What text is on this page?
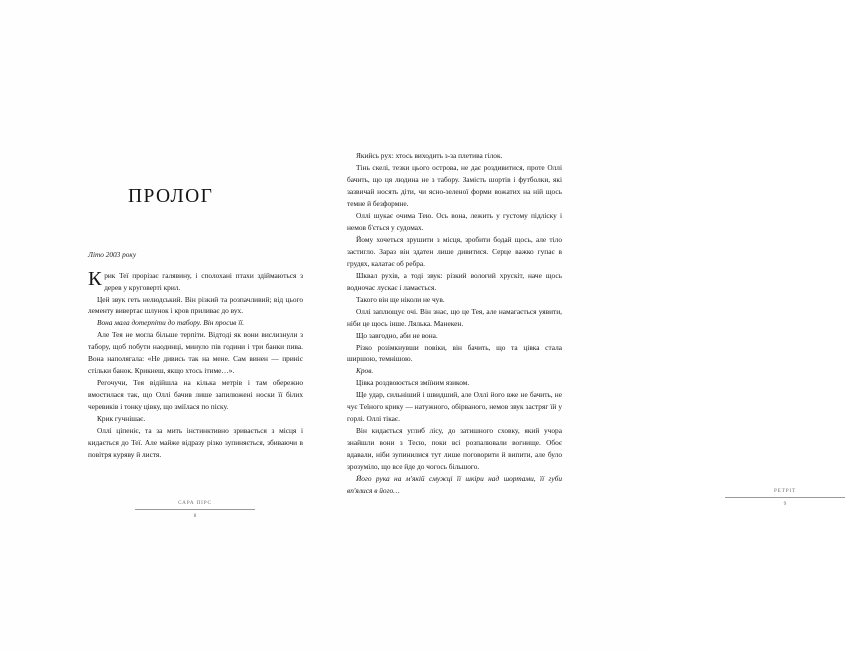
ПРОЛОГ

Літо 2003 року

Крик Теї прорізає галявину, і сполохані птахи здіймаються з дерев у круговерті крил.

Цей звук геть нелюдський. Він різкий та розпачливий; від цього лементу вивертає шлунок і кров приливає до вух.

Вона мала дотерпіти до табору. Він просив її.

Але Тея не могла більше терпіти. Відтоді як вони вислизнули з табору, щоб побути наодинці, минуло пів години і три банки пива. Вона наполягала: «Не дивись так на мене. Сам винен — приніс стільки банок. Крикнеш, якщо хтось ітиме…».

Регочучи, Тея відійшла на кілька метрів і там обережно вмостилася так, що Оллі бачив лише запилюжені носки її білих черевиків і тонку цівку, що зміїлася по піску.

Крик гучнішає.

Оллі ціпеніє, та за мить інстинктивно зривається з місця і кидається до Теї. Але майже відразу різко зупиняється, збиваючи в повітря куряву й листя.

САРА ПІРС
8

Якийсь рух: хтось виходить з-за плетива гілок.

Тінь скелі, тезки цього острова, не дає роздивитися, проте Оллі бачить, що ця людина не з табору. Замість шортів і футболки, які зазвичай носять діти, чи ясно-зеленої форми вожатих на ній щось темне й безформне.

Оллі шукає очима Тею. Ось вона, лежить у густому підліску і немов б'ється у судомах.

Йому хочеться зрушити з місця, зробити бодай щось, але тіло застигло. Зараз він здатен лише дивитися. Серце важко гупає в грудях, калатає об ребра.

Шквал рухів, а тоді звук: різкий вологий хрускіт, наче щось водночас лускає і ламається.

Такого він ще ніколи не чув.

Оллі заплющує очі. Він знає, що це Тея, але намагається уявити, ніби це щось інше. Лялька. Манекен.

Що завгодно, аби не вона.

Різко розімкнувши повіки, він бачить, що та цівка стала ширшою, темнішою.

Кров.

Цівка роздвоюється зміїним язиком.

Ще удар, сильніший і швидший, але Оллі його вже не бачить, не чує Теїного крику — натужного, обірваного, немов звук застряг їй у горлі. Оллі тікає.

Він кидається углиб лісу, до затишного сховку, який учора знайшли вони з Тесю, поки всі розпалювали вогнище. Обоє вдавали, ніби зупинилися тут лише поговорити й випити, але було зрозуміло, що все йде до чогось більшого.

Його рука на м'якій смужці її шкіри над шортами, її губи вп'ялися в його…	РЕТРІТ
9
